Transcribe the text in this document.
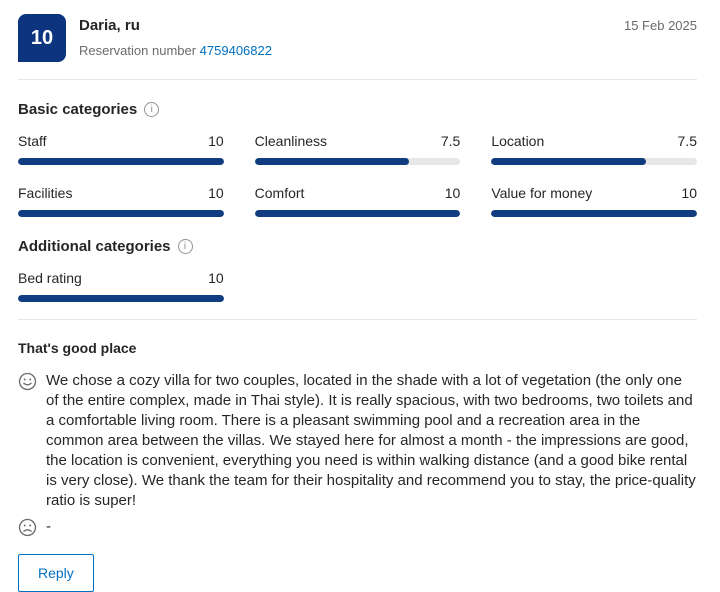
10
Daria, ru
Reservation number 4759406822
15 Feb 2025
Basic categories	i
Staff	10 Cleanliness	7.5 Location	7.5
Facilities	10 Comfort	10 Value for money	10
Additional categories	i
Bed rating	10
That's good place

We chose a cozy villa for two couples, located in the shade with a lot of vegetation (the only one of the entire complex, made in Thai style). It is really spacious, with two bedrooms, two toilets and a comfortable living room. There is a pleasant swimming pool and a recreation area in the common area between the villas. We stayed here for almost a month - the impressions are good, the location is convenient, everything you need is within walking distance (and a good bike rental is very close). We thank the team for their hospitality and recommend you to stay, the price-quality ratio is super!

-

Reply
